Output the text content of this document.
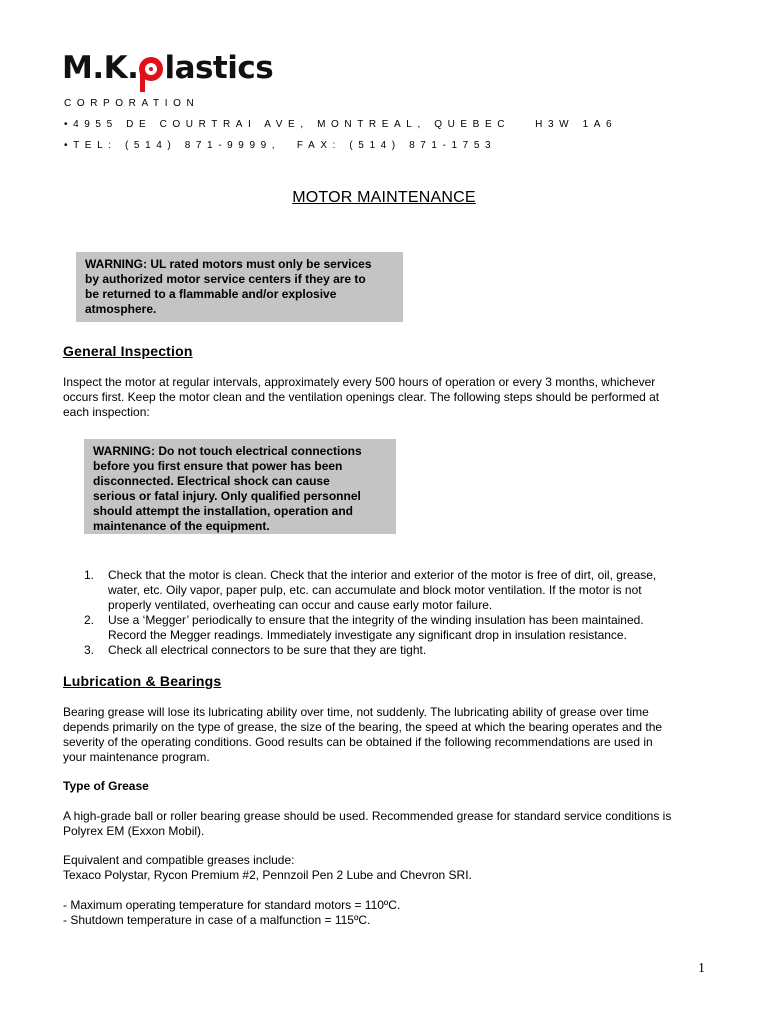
M.K. lastics
CORPORATION
•4955 DE COURTRAI AVE, MONTREAL, QUEBEC   H3W 1A6
•TEL: (514) 871-9999,  FAX: (514) 871-1753
MOTOR MAINTENANCE
WARNING: UL rated motors must only be services
by authorized motor service centers if they are to
be returned to a flammable and/or explosive
atmosphere.
General Inspection
Inspect the motor at regular intervals, approximately every 500 hours of operation or every 3 months, whichever
occurs first. Keep the motor clean and the ventilation openings clear. The following steps should be performed at
each inspection:
WARNING: Do not touch electrical connections
before you first ensure that power has been
disconnected. Electrical shock can cause
serious or fatal injury. Only qualified personnel
should attempt the installation, operation and
maintenance of the equipment.
1.	Check that the motor is clean. Check that the interior and exterior of the motor is free of dirt, oil, grease,
water, etc. Oily vapor, paper pulp, etc. can accumulate and block motor ventilation. If the motor is not
properly ventilated, overheating can occur and cause early motor failure.
2.	Use a ‘Megger’ periodically to ensure that the integrity of the winding insulation has been maintained.
Record the Megger readings. Immediately investigate any significant drop in insulation resistance.
3.	Check all electrical connectors to be sure that they are tight.
Lubrication & Bearings
Bearing grease will lose its lubricating ability over time, not suddenly. The lubricating ability of grease over time
depends primarily on the type of grease, the size of the bearing, the speed at which the bearing operates and the
severity of the operating conditions. Good results can be obtained if the following recommendations are used in
your maintenance program.
Type of Grease
A high-grade ball or roller bearing grease should be used. Recommended grease for standard service conditions is
Polyrex EM (Exxon Mobil).
Equivalent and compatible greases include:
Texaco Polystar, Rycon Premium #2, Pennzoil Pen 2 Lube and Chevron SRI.
- Maximum operating temperature for standard motors = 110ºC.
- Shutdown temperature in case of a malfunction = 115ºC.
1
